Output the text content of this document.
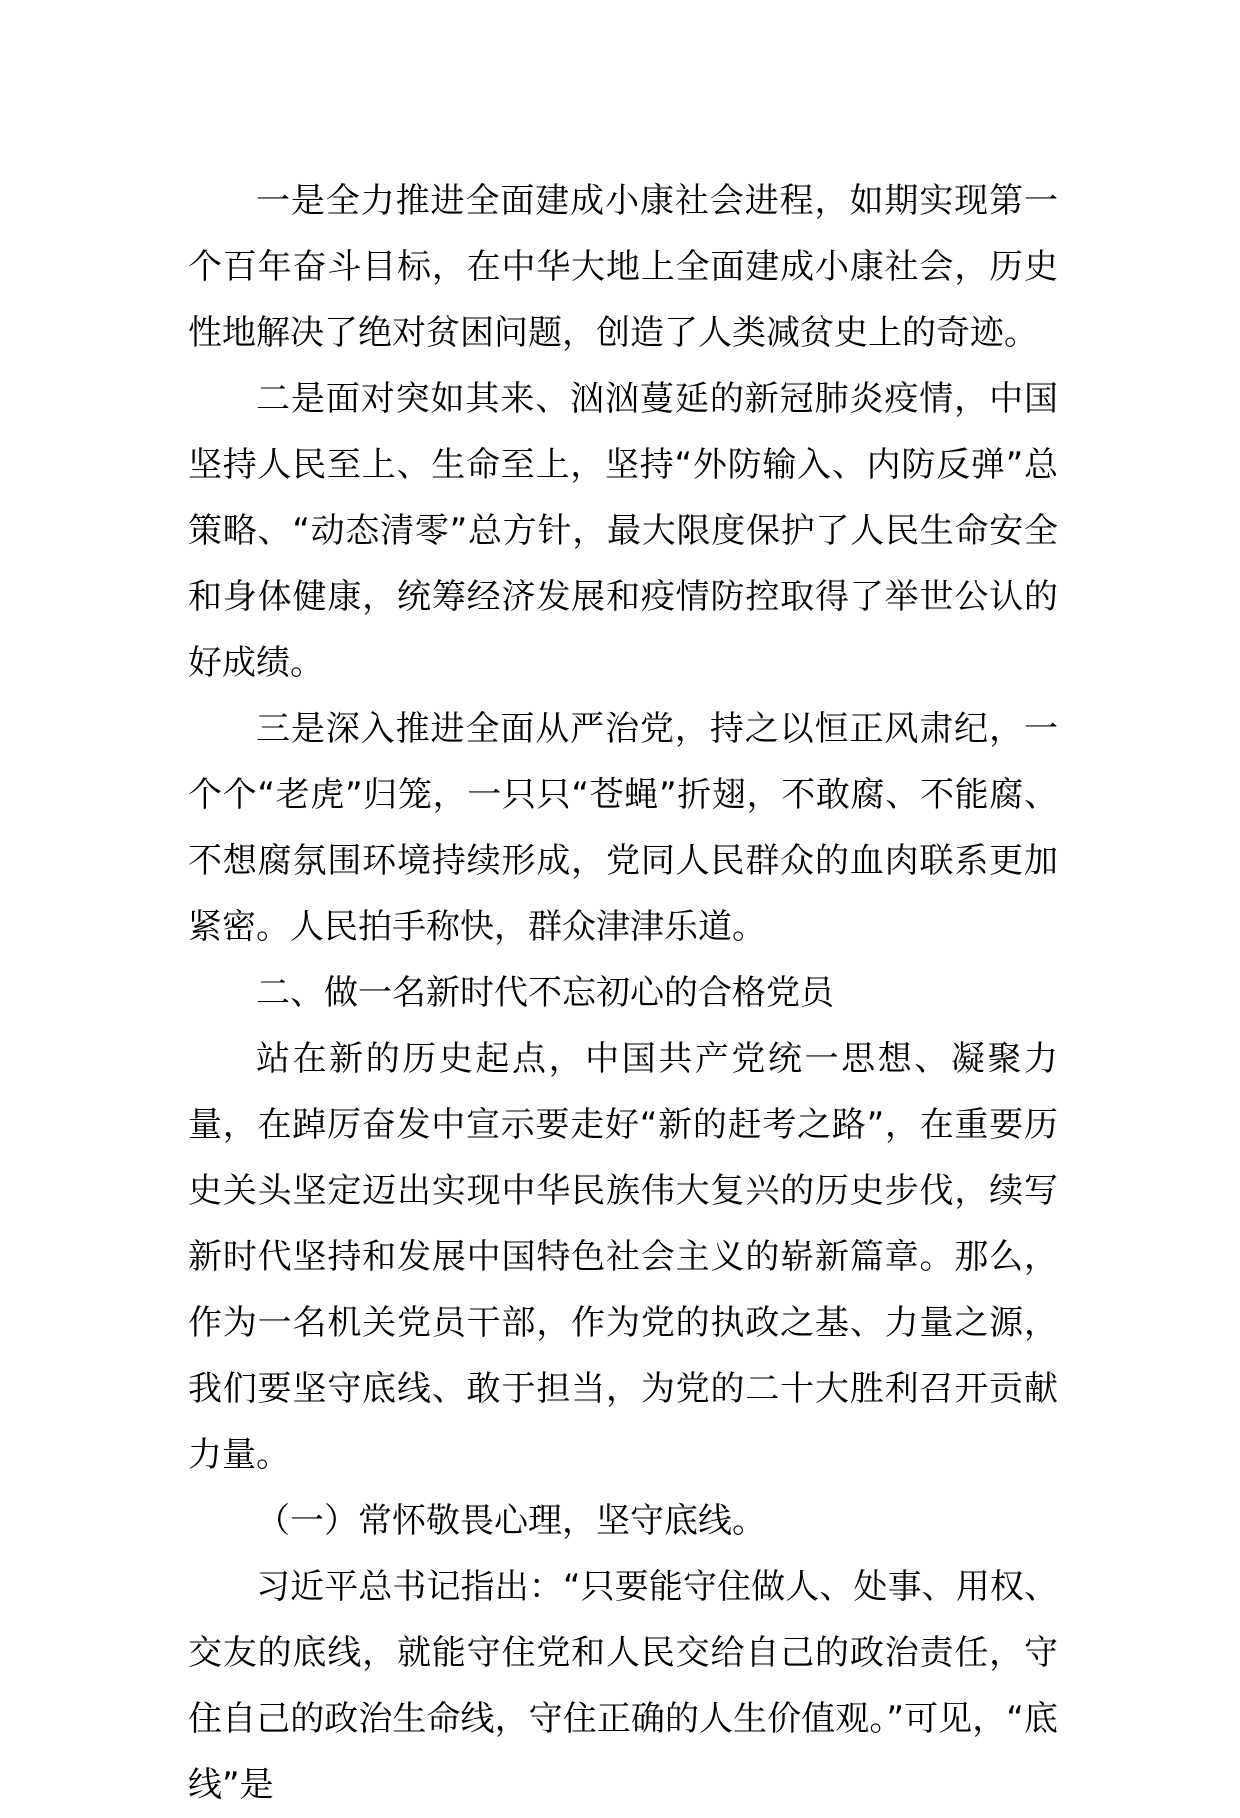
一是全力推进全面建成小康社会进程，如期实现第一个百年奋斗目标，在中华大地上全面建成小康社会，历史性地解决了绝对贫困问题，创造了人类减贫史上的奇迹。

二是面对突如其来、汹汹蔓延的新冠肺炎疫情，中国坚持人民至上、生命至上，坚持“外防输入、内防反弹”总策略、“动态清零”总方针，最大限度保护了人民生命安全和身体健康，统筹经济发展和疫情防控取得了举世公认的好成绩。

三是深入推进全面从严治党，持之以恒正风肃纪，一个个“老虎”归笼，一只只“苍蝇”折翅，不敢腐、不能腐、不想腐氛围环境持续形成，党同人民群众的血肉联系更加紧密。人民拍手称快，群众津津乐道。

二、做一名新时代不忘初心的合格党员

站在新的历史起点，中国共产党统一思想、凝聚力量，在踔厉奋发中宣示要走好“新的赶考之路”，在重要历史关头坚定迈出实现中华民族伟大复兴的历史步伐，续写新时代坚持和发展中国特色社会主义的崭新篇章。那么，作为一名机关党员干部，作为党的执政之基、力量之源，我们要坚守底线、敢于担当，为党的二十大胜利召开贡献力量。

（一）常怀敬畏心理，坚守底线。

习近平总书记指出：“只要能守住做人、处事、用权、交友的底线，就能守住党和人民交给自己的政治责任，守住自己的政治生命线，守住正确的人生价值观。”可见，“底线”是
